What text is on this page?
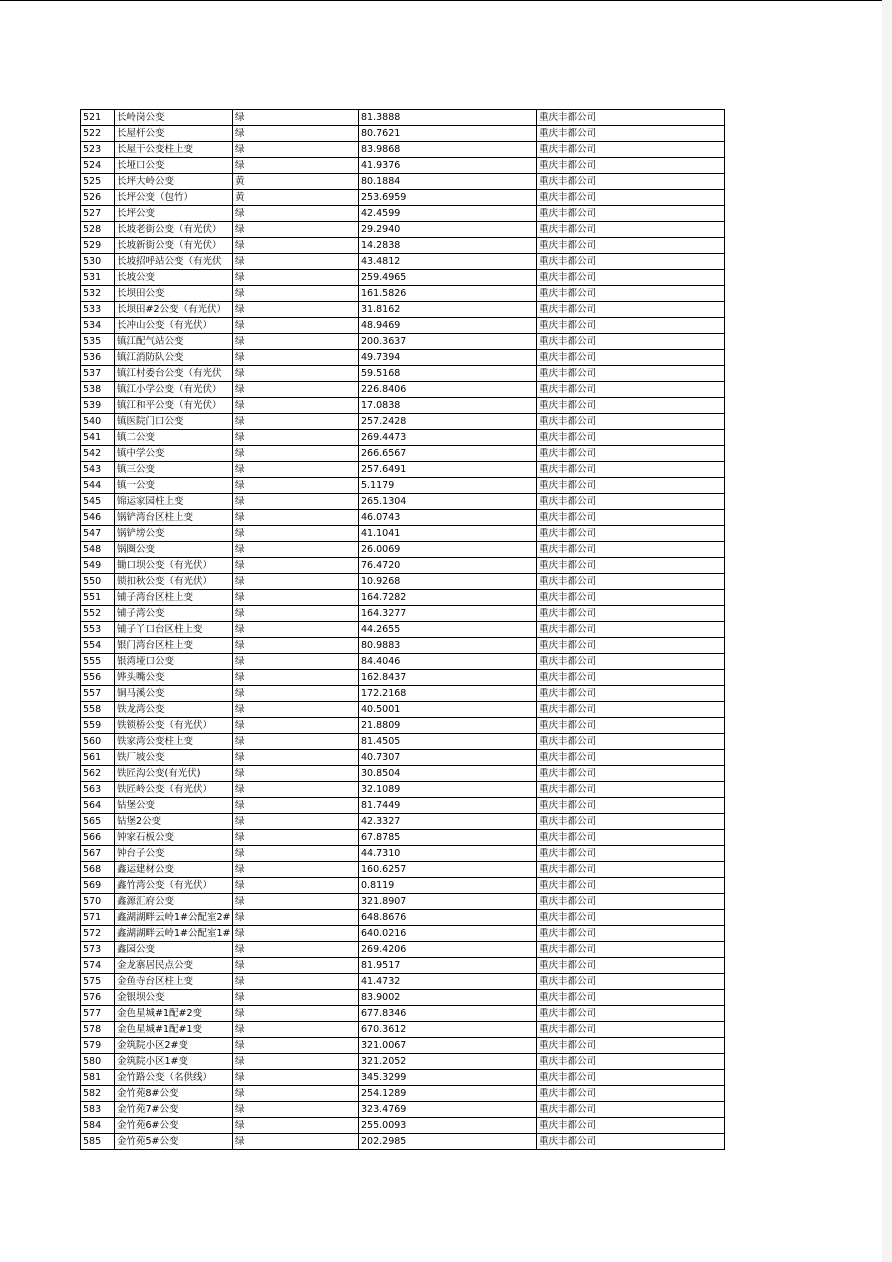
521	长岭岗公变	绿	81.3888	重庆丰都公司
522	长屋杆公变	绿	80.7621	重庆丰都公司
523	长屋干公变柱上变	绿	83.9868	重庆丰都公司
524	长垭口公变	绿	41.9376	重庆丰都公司
525	长坪大岭公变	黄	80.1884	重庆丰都公司
526	长坪公变（包竹）	黄	253.6959	重庆丰都公司
527	长坪公变	绿	42.4599	重庆丰都公司
528	长坡老街公变（有光伏）	绿	29.2940	重庆丰都公司
529	长坡新街公变（有光伏）	绿	14.2838	重庆丰都公司
530	长坡招呼站公变（有光伏	绿	43.4812	重庆丰都公司
531	长坡公变	绿	259.4965	重庆丰都公司
532	长坝田公变	绿	161.5826	重庆丰都公司
533	长坝田#2公变（有光伏）	绿	31.8162	重庆丰都公司
534	长冲山公变（有光伏）	绿	48.9469	重庆丰都公司
535	镇江配气站公变	绿	200.3637	重庆丰都公司
536	镇江消防队公变	绿	49.7394	重庆丰都公司
537	镇江村委台公变（有光伏	绿	59.5168	重庆丰都公司
538	镇江小学公变（有光伏）	绿	226.8406	重庆丰都公司
539	镇江和平公变（有光伏）	绿	17.0838	重庆丰都公司
540	镇医院门口公变	绿	257.2428	重庆丰都公司
541	镇二公变	绿	269.4473	重庆丰都公司
542	镇中学公变	绿	266.6567	重庆丰都公司
543	镇三公变	绿	257.6491	重庆丰都公司
544	镇一公变	绿	5.1179	重庆丰都公司
545	锦运家园柱上变	绿	265.1304	重庆丰都公司
546	锅铲湾台区柱上变	绿	46.0743	重庆丰都公司
547	锅铲塝公变	绿	41.1041	重庆丰都公司
548	锅圈公变	绿	26.0069	重庆丰都公司
549	锄口坝公变（有光伏）	绿	76.4720	重庆丰都公司
550	锁扣秋公变（有光伏）	绿	10.9268	重庆丰都公司
551	铺子湾台区柱上变	绿	164.7282	重庆丰都公司
552	铺子湾公变	绿	164.3277	重庆丰都公司
553	铺子丫口台区柱上变	绿	44.2655	重庆丰都公司
554	银门湾台区柱上变	绿	80.9883	重庆丰都公司
555	银湾垭口公变	绿	84.4046	重庆丰都公司
556	铧头嘴公变	绿	162.8437	重庆丰都公司
557	铜马溪公变	绿	172.2168	重庆丰都公司
558	铁龙湾公变	绿	40.5001	重庆丰都公司
559	铁锁桥公变（有光伏）	绿	21.8809	重庆丰都公司
560	铁家湾公变柱上变	绿	81.4505	重庆丰都公司
561	铁厂坡公变	绿	40.7307	重庆丰都公司
562	铁匠沟公变(有光伏)	绿	30.8504	重庆丰都公司
563	铁匠岭公变（有光伏）	绿	32.1089	重庆丰都公司
564	钻堡公变	绿	81.7449	重庆丰都公司
565	钻堡2公变	绿	42.3327	重庆丰都公司
566	钟家石板公变	绿	67.8785	重庆丰都公司
567	钟台子公变	绿	44.7310	重庆丰都公司
568	鑫运建材公变	绿	160.6257	重庆丰都公司
569	鑫竹湾公变（有光伏）	绿	0.8119	重庆丰都公司
570	鑫源汇府公变	绿	321.8907	重庆丰都公司
571	鑫湖湖畔云岭1#公配室2#	绿	648.8676	重庆丰都公司
572	鑫湖湖畔云岭1#公配室1#	绿	640.0216	重庆丰都公司
573	鑫园公变	绿	269.4206	重庆丰都公司
574	金龙寨居民点公变	绿	81.9517	重庆丰都公司
575	金鱼寺台区柱上变	绿	41.4732	重庆丰都公司
576	金银坝公变	绿	83.9002	重庆丰都公司
577	金色星城#1配#2变	绿	677.8346	重庆丰都公司
578	金色星城#1配#1变	绿	670.3612	重庆丰都公司
579	金筑院小区2#变	绿	321.0067	重庆丰都公司
580	金筑院小区1#变	绿	321.2052	重庆丰都公司
581	金竹路公变（名供线）	绿	345.3299	重庆丰都公司
582	金竹苑8#公变	绿	254.1289	重庆丰都公司
583	金竹苑7#公变	绿	323.4769	重庆丰都公司
584	金竹苑6#公变	绿	255.0093	重庆丰都公司
585	金竹苑5#公变	绿	202.2985	重庆丰都公司
